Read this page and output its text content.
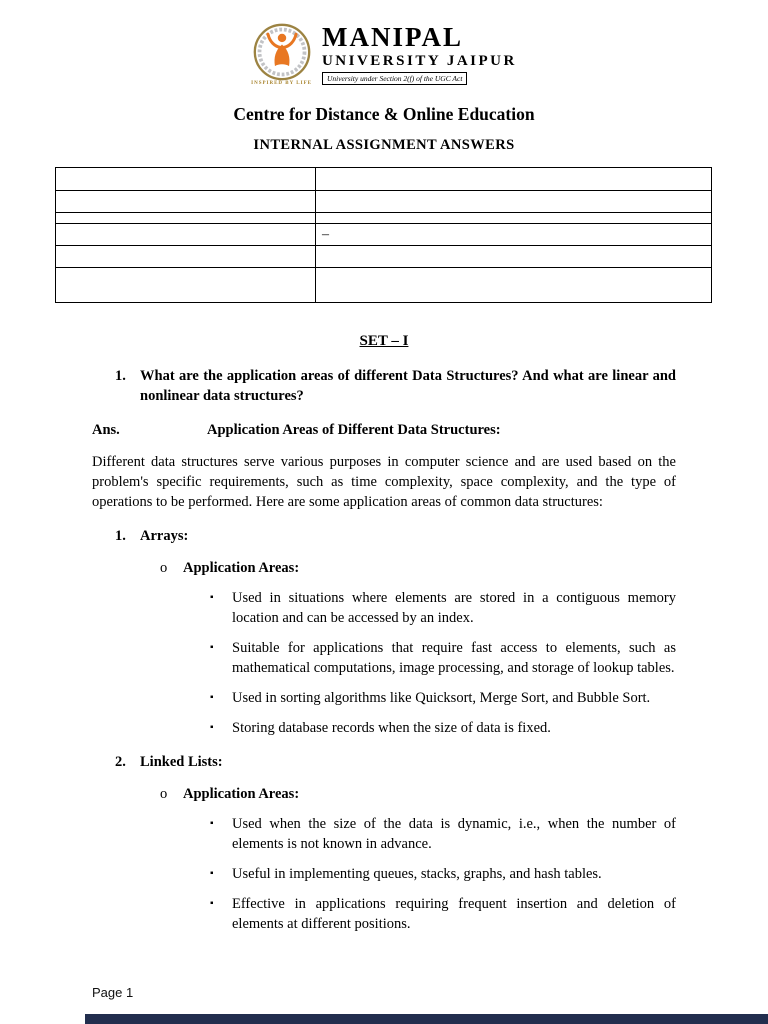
INSPIRED BY LIFE
MANIPAL
UNIVERSITY JAIPUR
University under Section 2(f) of the UGC Act
Centre for Distance & Online Education
INTERNAL ASSIGNMENT ANSWERS

	–

SET – I
1. What are the application areas of different Data Structures? And what are linear and nonlinear data structures?
Ans.	Application Areas of Different Data Structures:

Different data structures serve various purposes in computer science and are used based on the problem's specific requirements, such as time complexity, space complexity, and the type of operations to be performed. Here are some application areas of common data structures:

1. Arrays:
o	Application Areas:
▪	Used in situations where elements are stored in a contiguous memory location and can be accessed by an index.
▪	Suitable for applications that require fast access to elements, such as mathematical computations, image processing, and storage of lookup tables.
▪	Used in sorting algorithms like Quicksort, Merge Sort, and Bubble Sort.
▪	Storing database records when the size of data is fixed.
2. Linked Lists:
o	Application Areas:
▪	Used when the size of the data is dynamic, i.e., when the number of elements is not known in advance.
▪	Useful in implementing queues, stacks, graphs, and hash tables.
▪	Effective in applications requiring frequent insertion and deletion of elements at different positions.
Page 1
